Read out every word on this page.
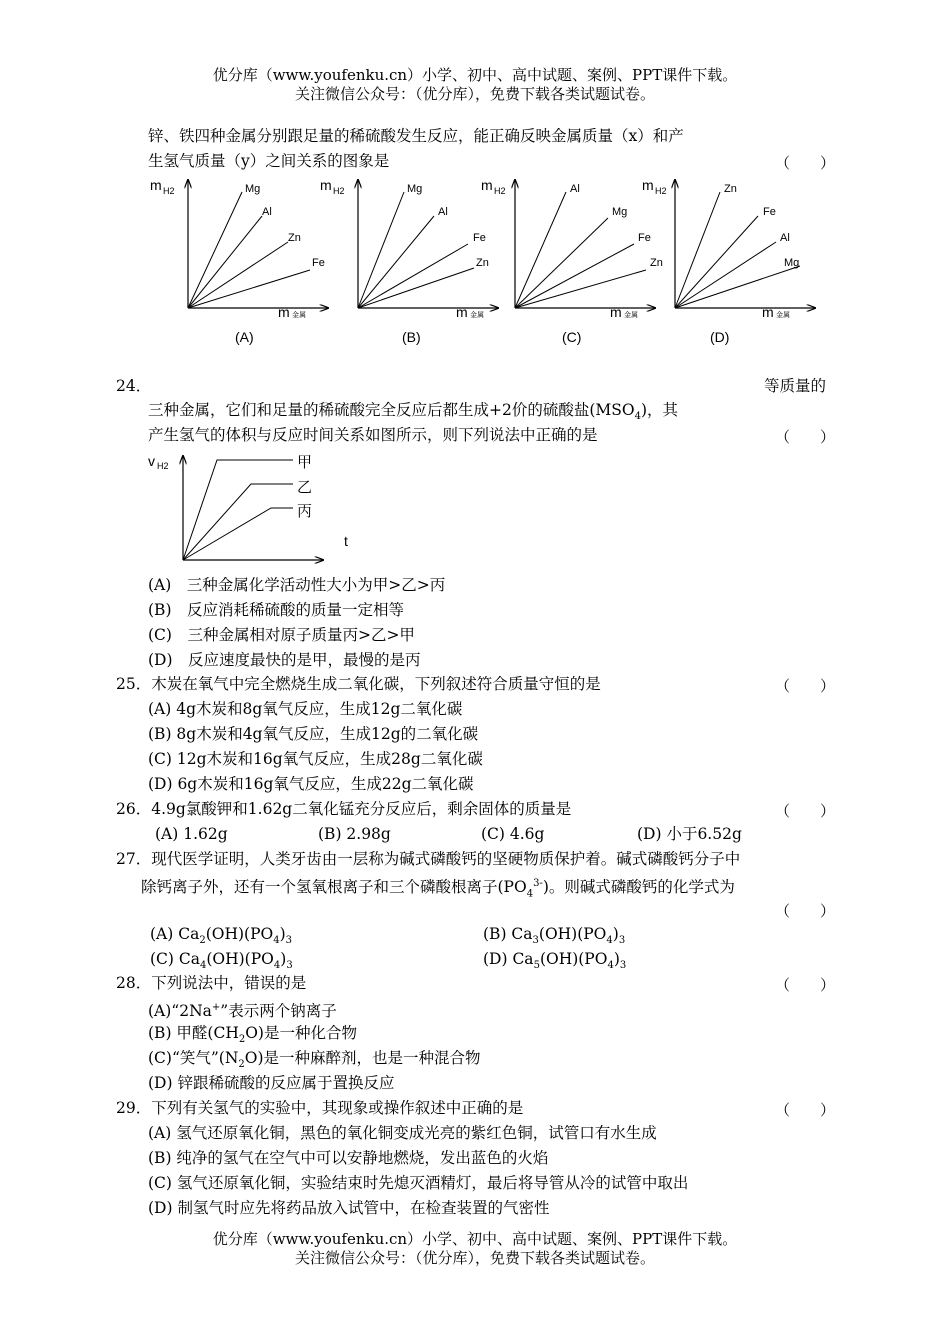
优分库（www.youfenku.cn）小学、初中、高中试题、案例、PPT课件下载。
关注微信公众号：（优分库），免费下载各类试题试卷。
锌、铁四种金属分别跟足量的稀硫酸发生反应，能正确反映金属质量（x）和产
生氢气质量（y）之间关系的图象是	（　　）
m H2	Mg
Al
Zn
Fe
m 金属
(A)
m H2	Mg
Al
Fe
Zn
m 金属
(B)
m H2	Al
Mg
Fe
Zn
m 金属
(C)
m H2	Zn
Fe
Al
Mg
m 金属
(D)
24．	等质量的
三种金属，它们和足量的稀硫酸完全反应后都生成+2价的硫酸盐$(MSO_4)$，其
产生氢气的体积与反应时间关系如图所示，则下列说法中正确的是	（　　）
v H2
t
甲
乙
丙
(A)　三种金属化学活动性大小为甲>乙>丙
(B)　反应消耗稀硫酸的质量一定相等
(C)　三种金属相对原子质量丙>乙>甲
(D)　反应速度最快的是甲，最慢的是丙
25．木炭在氧气中完全燃烧生成二氧化碳，下列叙述符合质量守恒的是	（　　）
(A) 4g木炭和8g氧气反应，生成12g二氧化碳
(B) 8g木炭和4g氧气反应，生成12g的二氧化碳
(C) 12g木炭和16g氧气反应，生成28g二氧化碳
(D) 6g木炭和16g氧气反应，生成22g二氧化碳
26．4.9g氯酸钾和1.62g二氧化锰充分反应后，剩余固体的质量是	（　　）
(A) 1.62g	(B) 2.98g	(C) 4.6g	(D) 小于6.52g
27．现代医学证明，人类牙齿由一层称为碱式磷酸钙的坚硬物质保护着。碱式磷酸钙分子中
除钙离子外，还有一个氢氧根离子和三个磷酸根离子$(PO_4^{3-})$。则碱式磷酸钙的化学式为
（　　）
(A) $Ca_2(OH)(PO_4)_3$	(B) $Ca_3(OH)(PO_4)_3$
(C) $Ca_4(OH)(PO_4)_3$	(D) $Ca_5(OH)(PO_4)_3$
28．下列说法中，错误的是	（　　）
(A)“2Na+”表示两个钠离子
(B) 甲醛$(CH_2O)$是一种化合物
(C)“笑气$”(N_2O)$是一种麻醉剂，也是一种混合物
(D) 锌跟稀硫酸的反应属于置换反应
29．下列有关氢气的实验中，其现象或操作叙述中正确的是	（　　）
(A) 氢气还原氧化铜，黑色的氧化铜变成光亮的紫红色铜，试管口有水生成
(B) 纯净的氢气在空气中可以安静地燃烧，发出蓝色的火焰
(C) 氢气还原氧化铜，实验结束时先熄灭酒精灯，最后将导管从冷的试管中取出
(D) 制氢气时应先将药品放入试管中，在检查装置的气密性
优分库（www.youfenku.cn）小学、初中、高中试题、案例、PPT课件下载。
关注微信公众号：（优分库），免费下载各类试题试卷。
